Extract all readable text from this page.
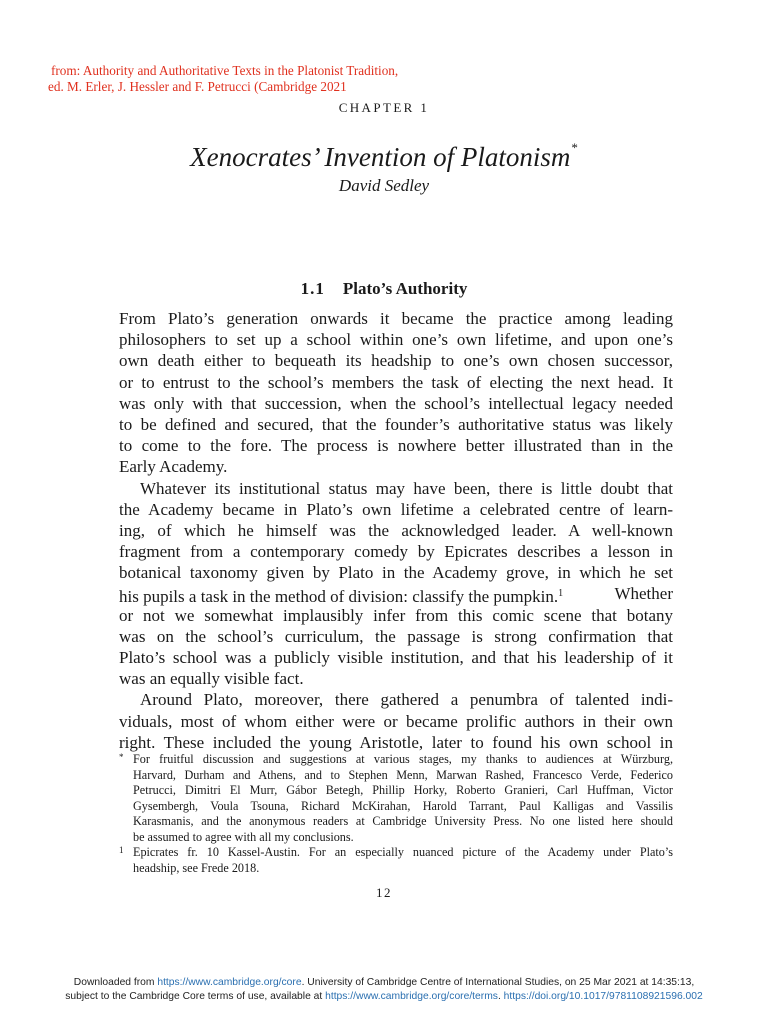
from: Authority and Authoritative Texts in the Platonist Tradition,
ed. M. Erler, J. Hessler and F. Petrucci (Cambridge 2021
CHAPTER 1
Xenocrates’ Invention of Platonism*
David Sedley
1.1 Plato’s Authority
From Plato’s generation onwards it became the practice among leading
philosophers to set up a school within one’s own lifetime, and upon one’s
own death either to bequeath its headship to one’s own chosen successor,
or to entrust to the school’s members the task of electing the next head. It
was only with that succession, when the school’s intellectual legacy needed
to be defined and secured, that the founder’s authoritative status was likely
to come to the fore. The process is nowhere better illustrated than in the
Early Academy.
Whatever its institutional status may have been, there is little doubt that
the Academy became in Plato’s own lifetime a celebrated centre of learn-
ing, of which he himself was the acknowledged leader. A well-known
fragment from a contemporary comedy by Epicrates describes a lesson in
botanical taxonomy given by Plato in the Academy grove, in which he set
his pupils a task in the method of division: classify the pumpkin.$^1$	Whether
or not we somewhat implausibly infer from this comic scene that botany
was on the school’s curriculum, the passage is strong confirmation that
Plato’s school was a publicly visible institution, and that his leadership of it
was an equally visible fact.
Around Plato, moreover, there gathered a penumbra of talented indi-
viduals, most of whom either were or became prolific authors in their own
right. These included the young Aristotle, later to found his own school in
* For fruitful discussion and suggestions at various stages, my thanks to audiences at Würzburg,
Harvard, Durham and Athens, and to Stephen Menn, Marwan Rashed, Francesco Verde, Federico
Petrucci, Dimitri El Murr, Gábor Betegh, Phillip Horky, Roberto Granieri, Carl Huffman, Victor
Gysembergh, Voula Tsouna, Richard McKirahan, Harold Tarrant, Paul Kalligas and Vassilis
Karasmanis, and the anonymous readers at Cambridge University Press. No one listed here should
be assumed to agree with all my conclusions.
1 Epicrates fr. 10 Kassel-Austin. For an especially nuanced picture of the Academy under Plato’s
headship, see Frede 2018.
12
Downloaded from https://www.cambridge.org/core. University of Cambridge Centre of International Studies, on 25 Mar 2021 at 14:35:13,
subject to the Cambridge Core terms of use, available at https://www.cambridge.org/core/terms. https://doi.org/10.1017/9781108921596.002
